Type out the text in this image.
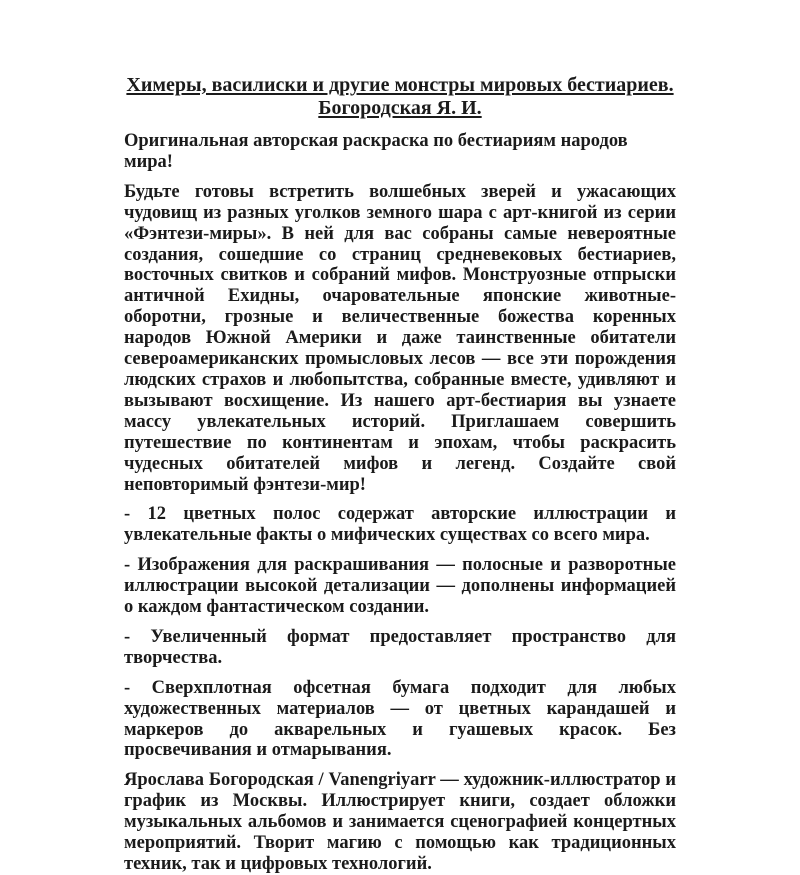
Химеры, василиски и другие монстры мировых бестиариев.
Богородская Я. И.

Оригинальная авторская раскраска по бестиариям народов мира!

Будьте готовы встретить волшебных зверей и ужасающих чудовищ из разных уголков земного шара с арт-книгой из серии «Фэнтези-миры». В ней для вас собраны самые невероятные создания, сошедшие со страниц средневековых бестиариев, восточных свитков и собраний мифов. Монструозные отпрыски античной Ехидны, очаровательные японские животные-оборотни, грозные и величественные божества коренных народов Южной Америки и даже таинственные обитатели североамериканских промысловых лесов — все эти порождения людских страхов и любопытства, собранные вместе, удивляют и вызывают восхищение. Из нашего арт-бестиария вы узнаете массу увлекательных историй. Приглашаем совершить путешествие по континентам и эпохам, чтобы раскрасить чудесных обитателей мифов и легенд. Создайте свой неповторимый фэнтези-мир!

- 12 цветных полос содержат авторские иллюстрации и увлекательные факты о мифических существах со всего мира.

- Изображения для раскрашивания — полосные и разворотные иллюстрации высокой детализации — дополнены информацией о каждом фантастическом создании.

- Увеличенный формат предоставляет пространство для творчества.

- Сверхплотная офсетная бумага подходит для любых художественных материалов — от цветных карандашей и маркеров до акварельных и гуашевых красок. Без просвечивания и отмарывания.

Ярослава Богородская / Vanengriyarr — художник-иллюстратор и график из Москвы. Иллюстрирует книги, создает обложки музыкальных альбомов и занимается сценографией концертных мероприятий. Творит магию с помощью как традиционных техник, так и цифровых технологий.
